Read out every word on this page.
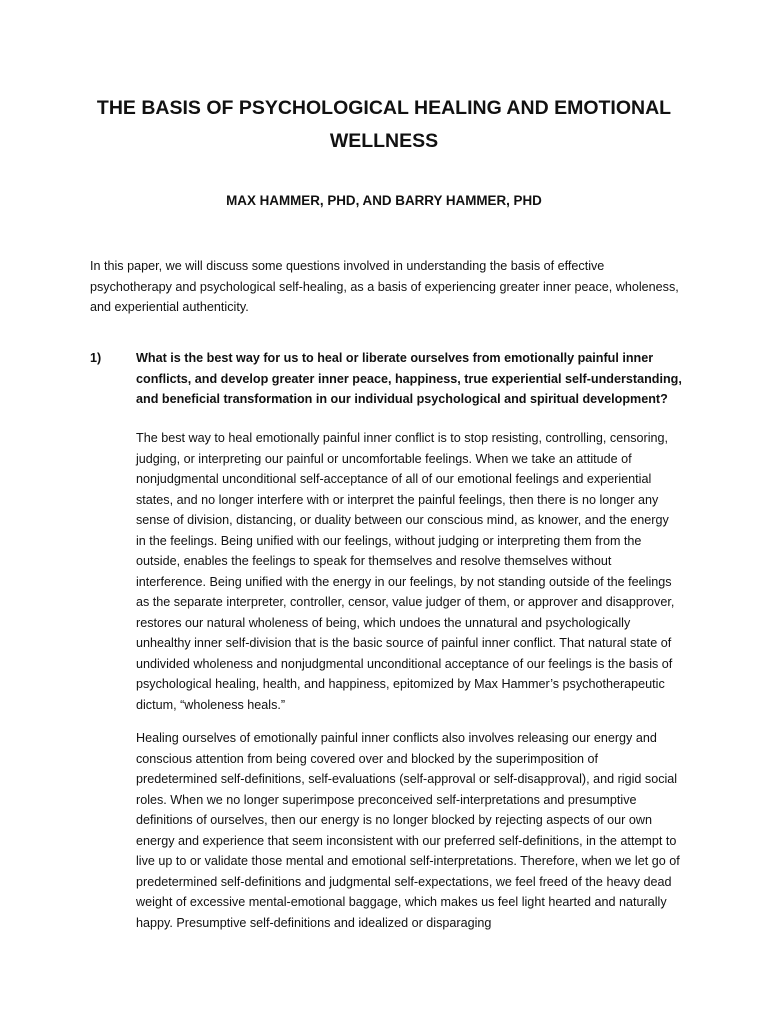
THE BASIS OF PSYCHOLOGICAL HEALING AND EMOTIONAL WELLNESS
MAX HAMMER, PHD, AND BARRY HAMMER, PHD

In this paper, we will discuss some questions involved in understanding the basis of effective psychotherapy and psychological self-healing, as a basis of experiencing greater inner peace, wholeness, and experiential authenticity.

1)	What is the best way for us to heal or liberate ourselves from emotionally painful inner conflicts, and develop greater inner peace, happiness, true experiential self-understanding, and beneficial transformation in our individual psychological and spiritual development?

The best way to heal emotionally painful inner conflict is to stop resisting, controlling, censoring, judging, or interpreting our painful or uncomfortable feelings. When we take an attitude of nonjudgmental unconditional self-acceptance of all of our emotional feelings and experiential states, and no longer interfere with or interpret the painful feelings, then there is no longer any sense of division, distancing, or duality between our conscious mind, as knower, and the energy in the feelings. Being unified with our feelings, without judging or interpreting them from the outside, enables the feelings to speak for themselves and resolve themselves without interference. Being unified with the energy in our feelings, by not standing outside of the feelings as the separate interpreter, controller, censor, value judger of them, or approver and disapprover, restores our natural wholeness of being, which undoes the unnatural and psychologically unhealthy inner self-division that is the basic source of painful inner conflict. That natural state of undivided wholeness and nonjudgmental unconditional acceptance of our feelings is the basis of psychological healing, health, and happiness, epitomized by Max Hammer’s psychotherapeutic dictum, “wholeness heals.”

Healing ourselves of emotionally painful inner conflicts also involves releasing our energy and conscious attention from being covered over and blocked by the superimposition of predetermined self-definitions, self-evaluations (self-approval or self-disapproval), and rigid social roles. When we no longer superimpose preconceived self-interpretations and presumptive definitions of ourselves, then our energy is no longer blocked by rejecting aspects of our own energy and experience that seem inconsistent with our preferred self-definitions, in the attempt to live up to or validate those mental and emotional self-interpretations. Therefore, when we let go of predetermined self-definitions and judgmental self-expectations, we feel freed of the heavy dead weight of excessive mental-emotional baggage, which makes us feel light hearted and naturally happy. Presumptive self-definitions and idealized or disparaging
